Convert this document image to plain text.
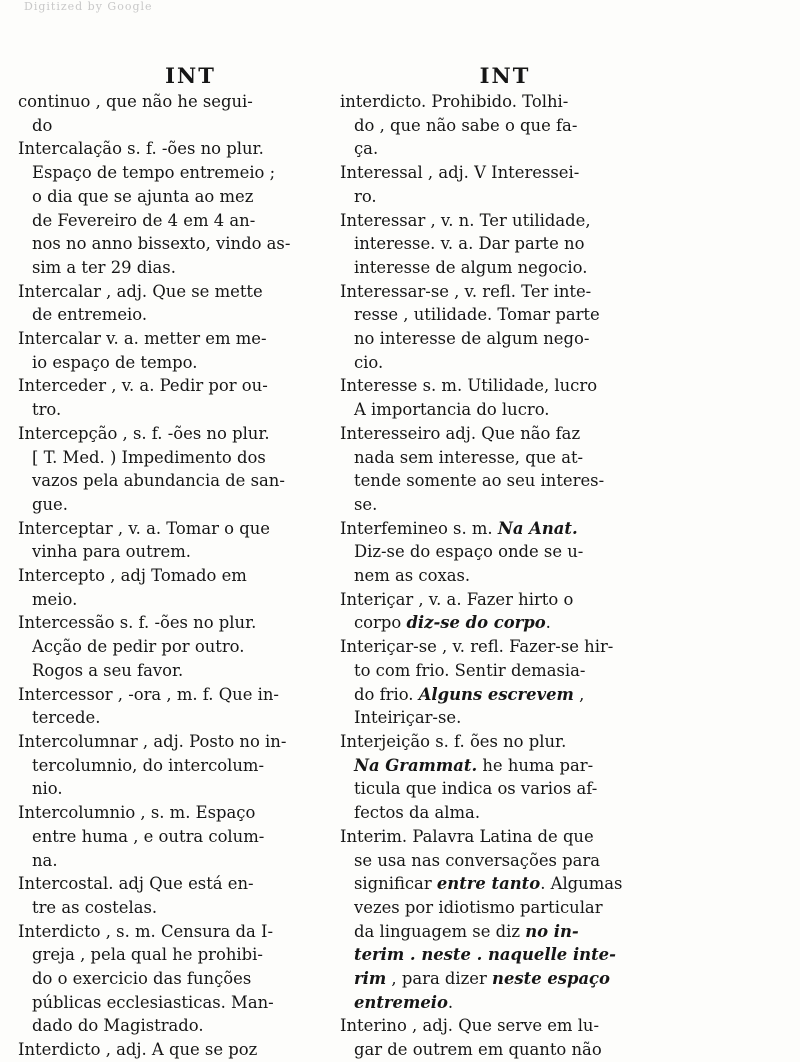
Digitized by Google
INT

continuo , que não he segui-
do

Intercalação s. f. -ões no plur.
Espaço de tempo entremeio ;
o dia que se ajunta ao mez
de Fevereiro de 4 em 4 an-
nos no anno bissexto, vindo as-
sim a ter 29 dias.

Intercalar , adj. Que se mette
de entremeio.

Intercalar v. a. metter em me-
io espaço de tempo.

Interceder , v. a. Pedir por ou-
tro.

Intercepção , s. f. -ões no plur.
[ T. Med. ) Impedimento dos
vazos pela abundancia de san-
gue.

Interceptar , v. a. Tomar o que
vinha para outrem.

Intercepto , adj Tomado em
meio.

Intercessão s. f. -ões no plur.
Acção de pedir por outro.
Rogos a seu favor.

Intercessor , -ora , m. f. Que in-
tercede.

Intercolumnar , adj. Posto no in-
tercolumnio, do intercolum-
nio.

Intercolumnio , s. m. Espaço
entre huma , e outra colum-
na.

Intercostal. adj Que está en-
tre as costelas.

Interdicto , s. m. Censura da I-
greja , pela qual he prohibi-
do o exercicio das funções
públicas ecclesiasticas. Man-
dado do Magistrado.

Interdicto , adj. A que se poz

INT

interdicto. Prohibido. Tolhi-
do , que não sabe o que fa-
ça.

Interessal , adj. V Interessei-
ro.

Interessar , v. n. Ter utilidade,
interesse. v. a. Dar parte no
interesse de algum negocio.

Interessar-se , v. refl. Ter inte-
resse , utilidade. Tomar parte
no interesse de algum nego-
cio.

Interesse s. m. Utilidade, lucro
A importancia do lucro.

Interesseiro adj. Que não faz
nada sem interesse, que at-
tende somente ao seu interes-
se.

Interfemineo s. m. Na Anat.
Diz-se do espaço onde se u-
nem as coxas.

Interiçar , v. a. Fazer hirto o
corpo diz-se do corpo.

Interiçar-se , v. refl. Fazer-se hir-
to com frio. Sentir demasia-
do frio. Alguns escrevem ,
Inteiriçar-se.

Interjeição s. f. ões no plur.
Na Grammat. he huma par-
ticula que indica os varios af-
fectos da alma.

Interim. Palavra Latina de que
se usa nas conversações para
significar entre tanto. Algumas
vezes por idiotismo particular
da linguagem se diz no in-
terim . neste . naquelle inte-
rim , para dizer neste espaço
entremeio.

Interino , adj. Que serve em lu-
gar de outrem em quanto não
